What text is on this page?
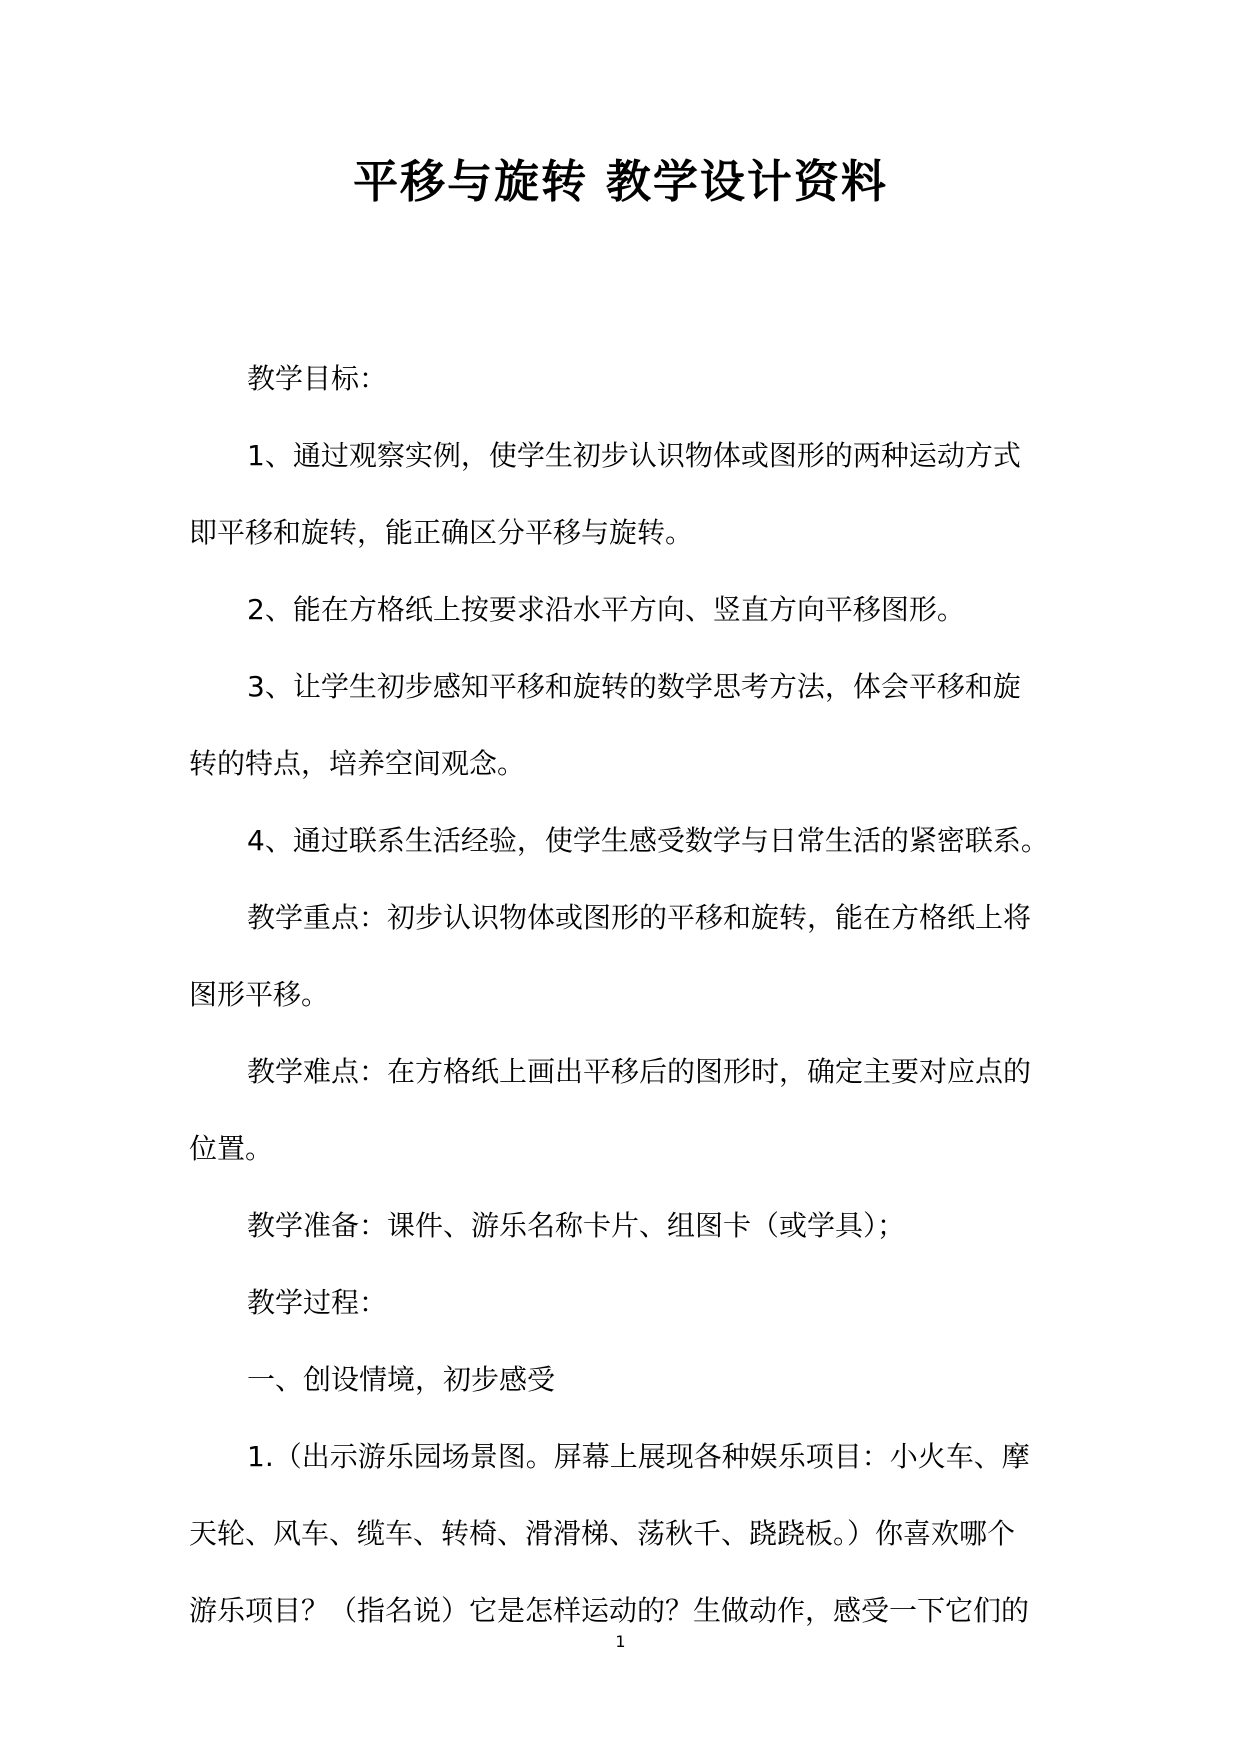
平移与旋转 教学设计资料

教学目标：

1、通过观察实例，使学生初步认识物体或图形的两种运动方式

即平移和旋转，能正确区分平移与旋转。

2、能在方格纸上按要求沿水平方向、竖直方向平移图形。

3、让学生初步感知平移和旋转的数学思考方法，体会平移和旋

转的特点，培养空间观念。

4、通过联系生活经验，使学生感受数学与日常生活的紧密联系。

教学重点：初步认识物体或图形的平移和旋转，能在方格纸上将

图形平移。

教学难点：在方格纸上画出平移后的图形时，确定主要对应点的

位置。

教学准备：课件、游乐名称卡片、组图卡（或学具）；

教学过程：

一、创设情境，初步感受

1.（出示游乐园场景图。屏幕上展现各种娱乐项目：小火车、摩

天轮、风车、缆车、转椅、滑滑梯、荡秋千、跷跷板。）你喜欢哪个

游乐项目？（指名说）它是怎样运动的？生做动作，感受一下它们的

1
